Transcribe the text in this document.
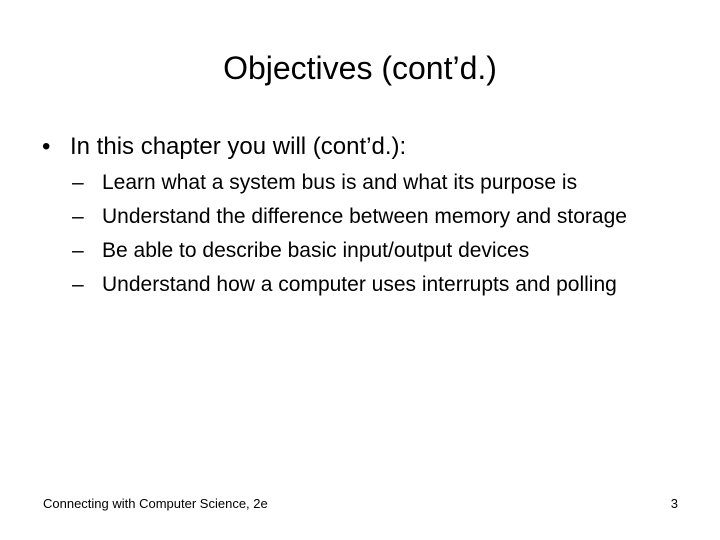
Objectives (cont’d.)
• In this chapter you will (cont’d.):
– Learn what a system bus is and what its purpose is
– Understand the difference between memory and storage
– Be able to describe basic input/output devices
– Understand how a computer uses interrupts and polling
Connecting with Computer Science, 2e	3
